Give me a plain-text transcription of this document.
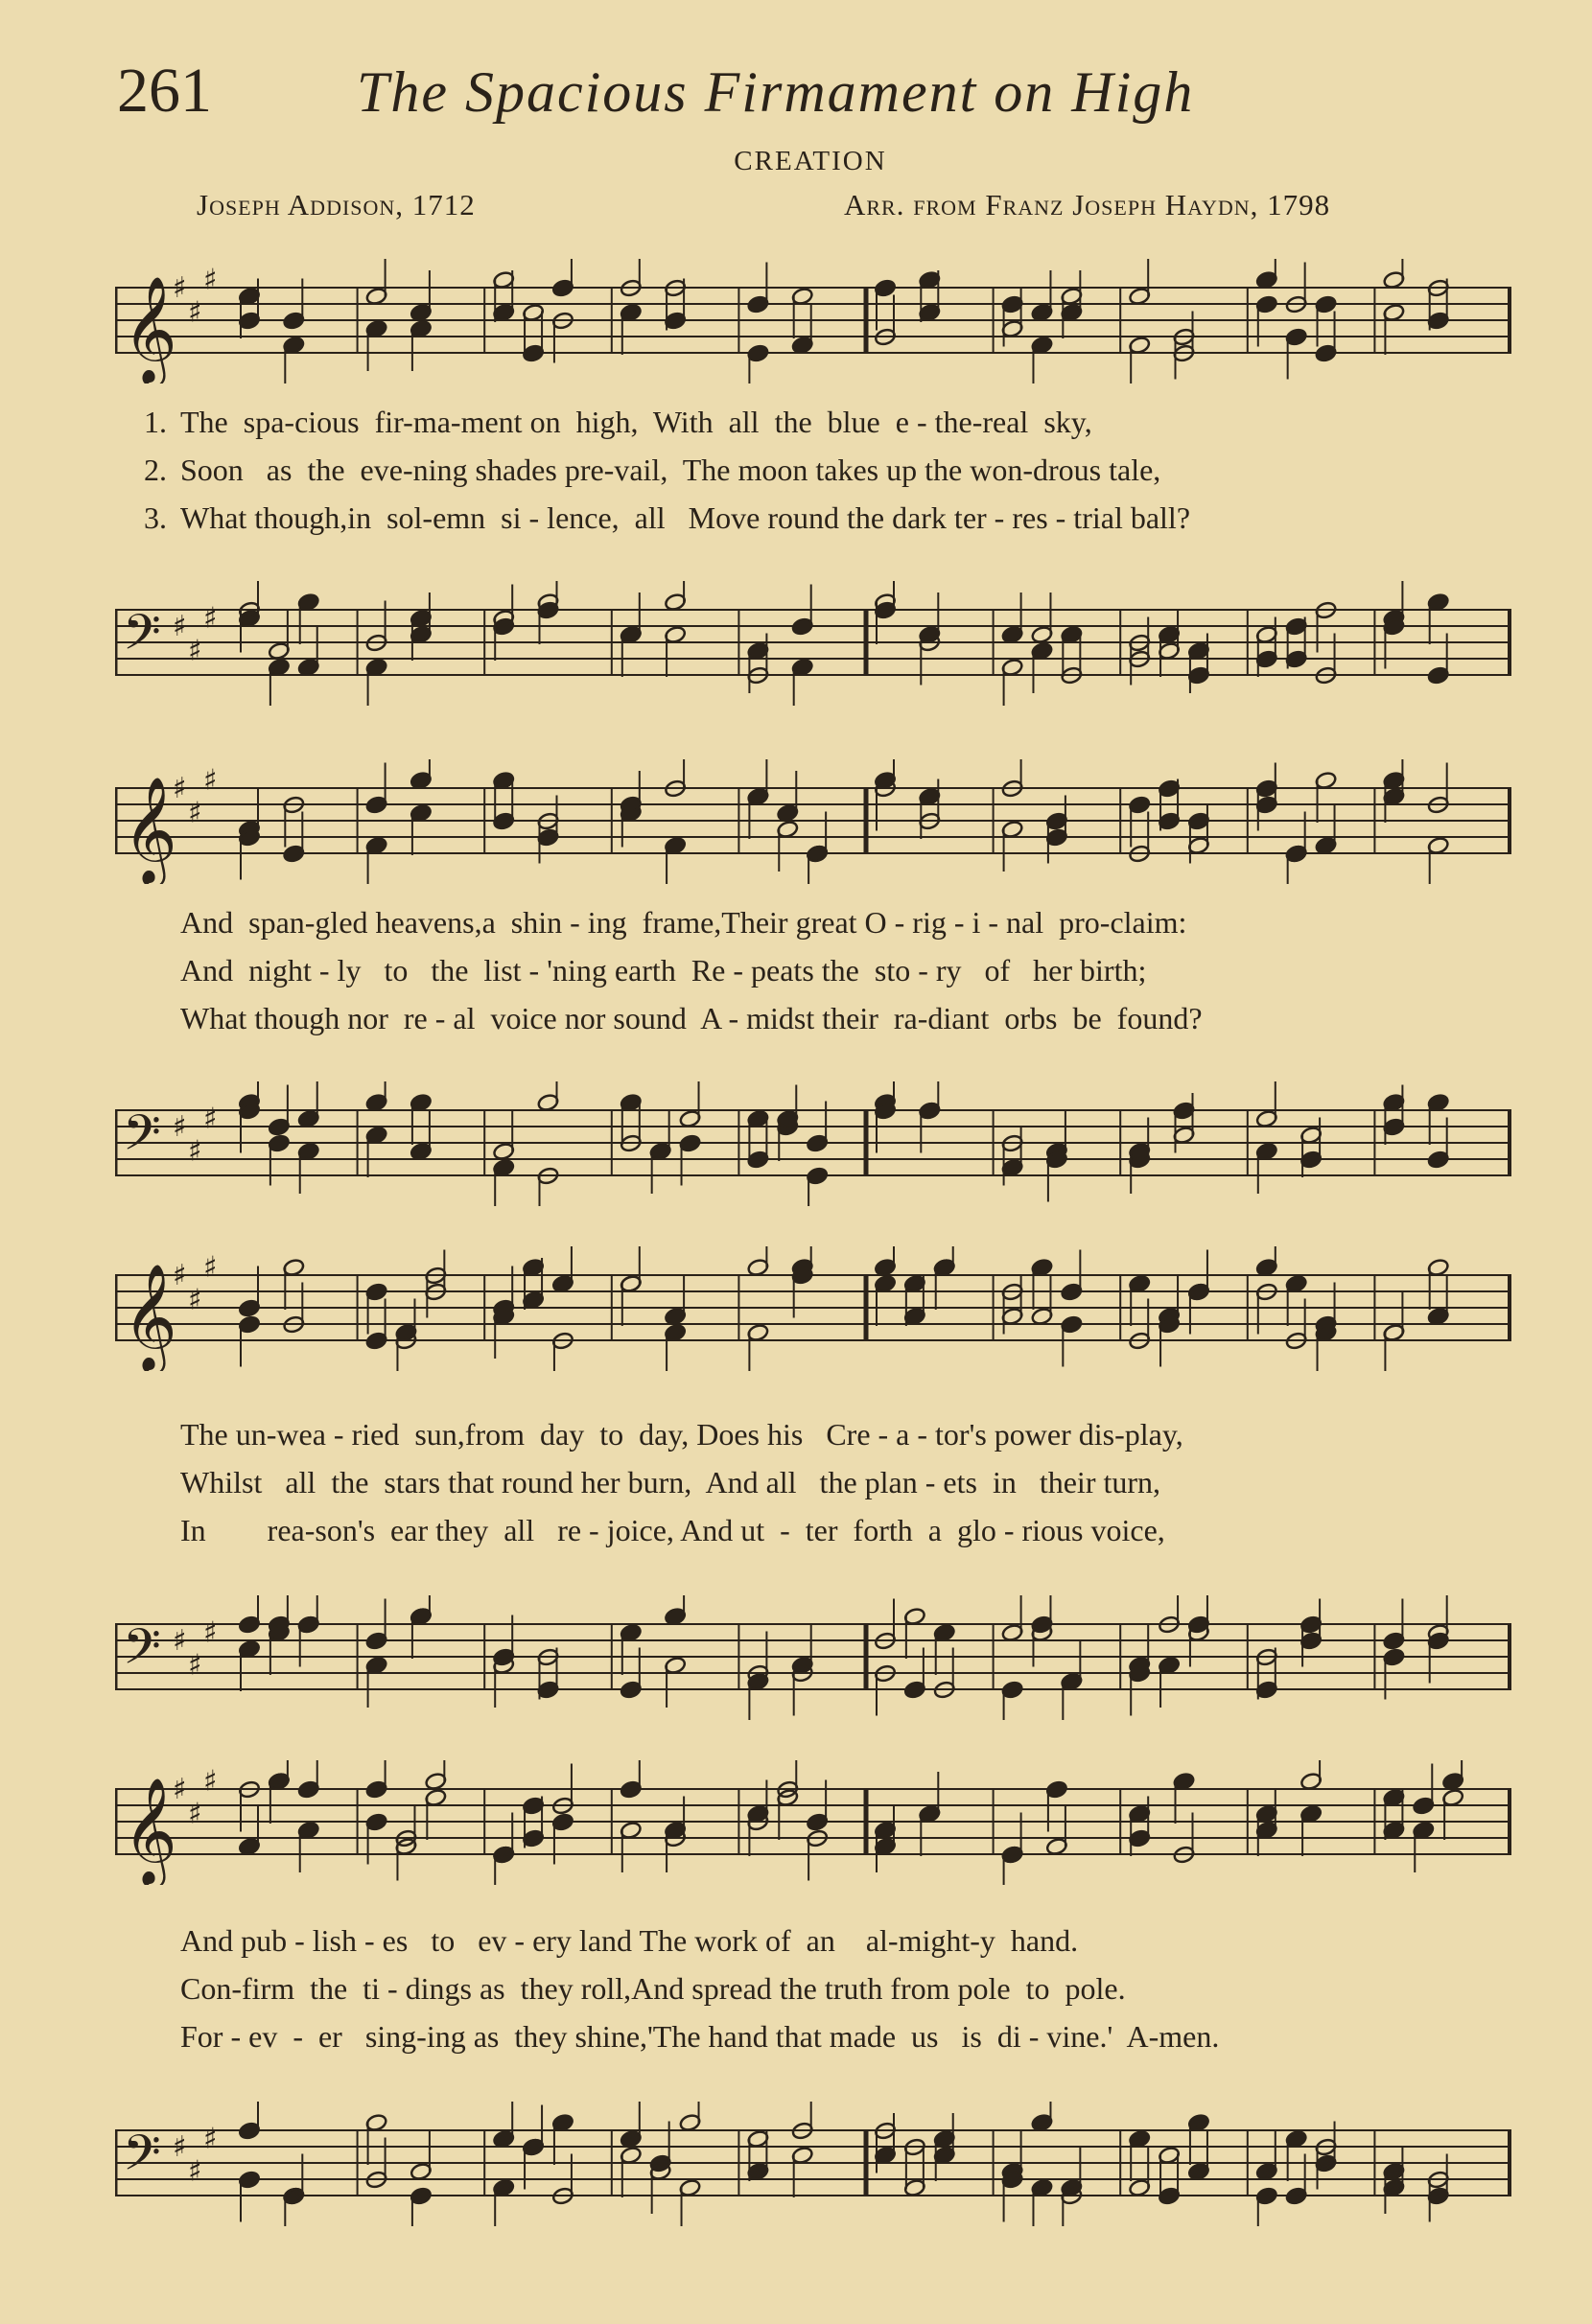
261	The Spacious Firmament on High
CREATION
Joseph Addison, 1712	Arr. from Franz Joseph Haydn, 1798
𝄞
♯
♯
♯
1. The  spa-cious  fir-ma-ment on  high,  With  all  the  blue  e - the-real  sky,
2. Soon   as  the  eve-ning shades pre-vail,  The moon takes up the won-drous tale,
3. What though,in  sol-emn  si - lence,  all   Move round the dark ter - res - trial ball?
𝄢 ♯
♯
♯
𝄞
♯
♯
♯
And  span-gled heavens,a  shin - ing  frame,Their great O - rig - i - nal  pro-claim:
And  night - ly   to   the  list - 'ning earth  Re - peats the  sto - ry   of   her birth;
What though nor  re - al  voice nor sound  A - midst their  ra-diant  orbs  be  found?
𝄢 ♯
♯
♯
𝄞
♯
♯
♯
The un-wea - ried  sun,from  day  to  day, Does his   Cre - a - tor's power dis-play,
Whilst   all  the  stars that round her burn,  And all   the plan - ets  in   their turn,
In        rea-son's  ear they  all   re - joice, And ut  -  ter  forth  a  glo - rious voice,
𝄢 ♯
♯
♯
𝄞
♯
♯
♯
And pub - lish - es   to   ev - ery land The work of  an    al-might-y  hand.
Con-firm  the  ti - dings as  they roll,And spread the truth from pole  to  pole.
For - ev  -  er   sing-ing as  they shine,'The hand that made  us   is  di - vine.'  A-men.
𝄢 ♯
♯
♯
